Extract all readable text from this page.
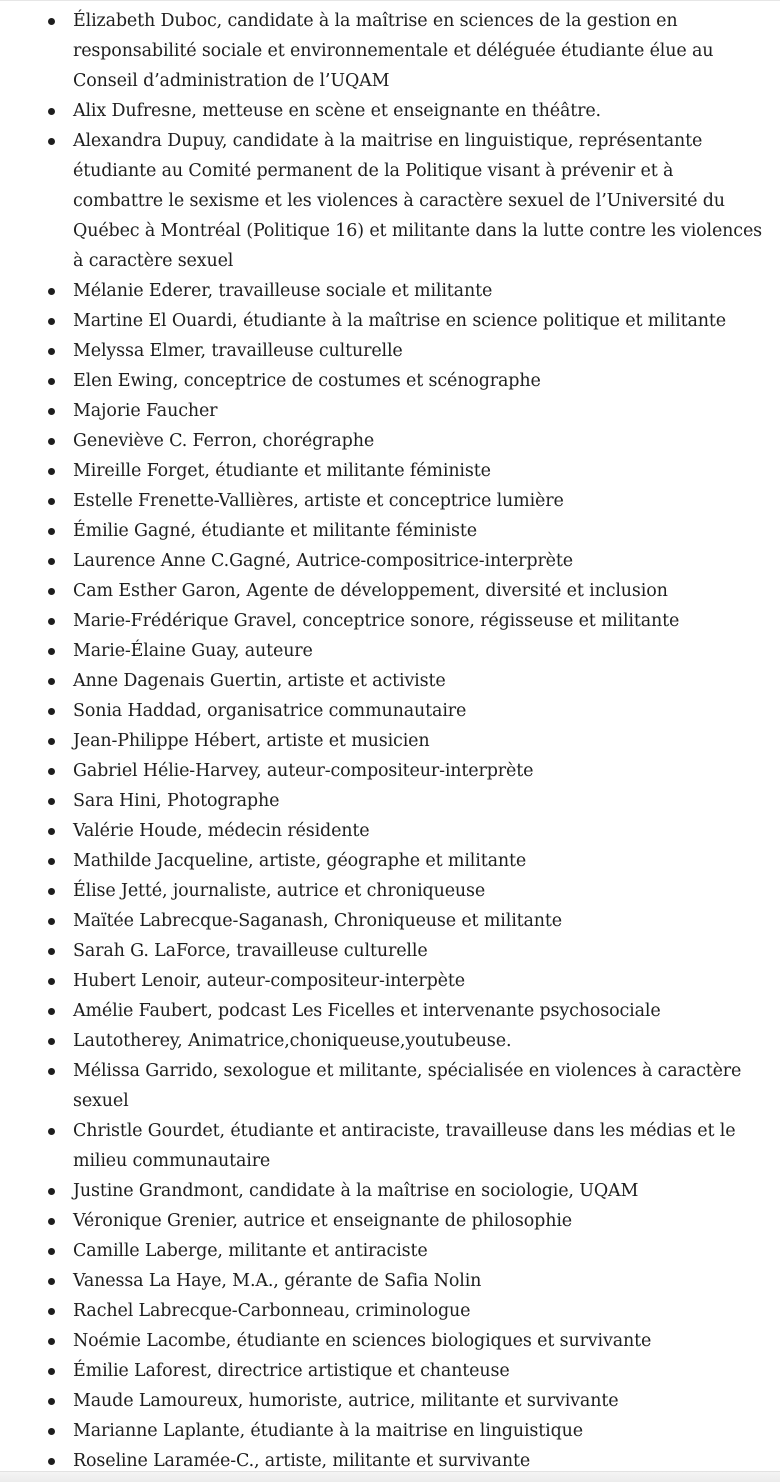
Élizabeth Duboc, candidate à la maîtrise en sciences de la gestion en responsabilité sociale et environnementale et déléguée étudiante élue au Conseil d’administration de l’UQAM
Alix Dufresne, metteuse en scène et enseignante en théâtre.
Alexandra Dupuy, candidate à la maitrise en linguistique, représentante étudiante au Comité permanent de la Politique visant à prévenir et à combattre le sexisme et les violences à caractère sexuel de l’Université du Québec à Montréal (Politique 16) et militante dans la lutte contre les violences à caractère sexuel
Mélanie Ederer, travailleuse sociale et militante
Martine El Ouardi, étudiante à la maîtrise en science politique et militante
Melyssa Elmer, travailleuse culturelle
Elen Ewing, conceptrice de costumes et scénographe
Majorie Faucher
Geneviève C. Ferron, chorégraphe
Mireille Forget, étudiante et militante féministe
Estelle Frenette-Vallières, artiste et conceptrice lumière
Émilie Gagné, étudiante et militante féministe
Laurence Anne C.Gagné, Autrice-compositrice-interprète
Cam Esther Garon, Agente de développement, diversité et inclusion
Marie-Frédérique Gravel, conceptrice sonore, régisseuse et militante
Marie-Élaine Guay, auteure
Anne Dagenais Guertin, artiste et activiste
Sonia Haddad, organisatrice communautaire
Jean-Philippe Hébert, artiste et musicien
Gabriel Hélie-Harvey, auteur-compositeur-interprète
Sara Hini, Photographe
Valérie Houde, médecin résidente
Mathilde Jacqueline, artiste, géographe et militante
Élise Jetté, journaliste, autrice et chroniqueuse
Maïtée Labrecque-Saganash, Chroniqueuse et militante
Sarah G. LaForce, travailleuse culturelle
Hubert Lenoir, auteur-compositeur-interpète
Amélie Faubert, podcast Les Ficelles et intervenante psychosociale
Lautotherey, Animatrice,choniqueuse,youtubeuse.
Mélissa Garrido, sexologue et militante, spécialisée en violences à caractère sexuel
Christle Gourdet, étudiante et antiraciste, travailleuse dans les médias et le milieu communautaire
Justine Grandmont, candidate à la maîtrise en sociologie, UQAM
Véronique Grenier, autrice et enseignante de philosophie
Camille Laberge, militante et antiraciste
Vanessa La Haye, M.A., gérante de Safia Nolin
Rachel Labrecque-Carbonneau, criminologue
Noémie Lacombe, étudiante en sciences biologiques et survivante
Émilie Laforest, directrice artistique et chanteuse
Maude Lamoureux, humoriste, autrice, militante et survivante
Marianne Laplante, étudiante à la maitrise en linguistique
Roseline Laramée-C., artiste, militante et survivante
